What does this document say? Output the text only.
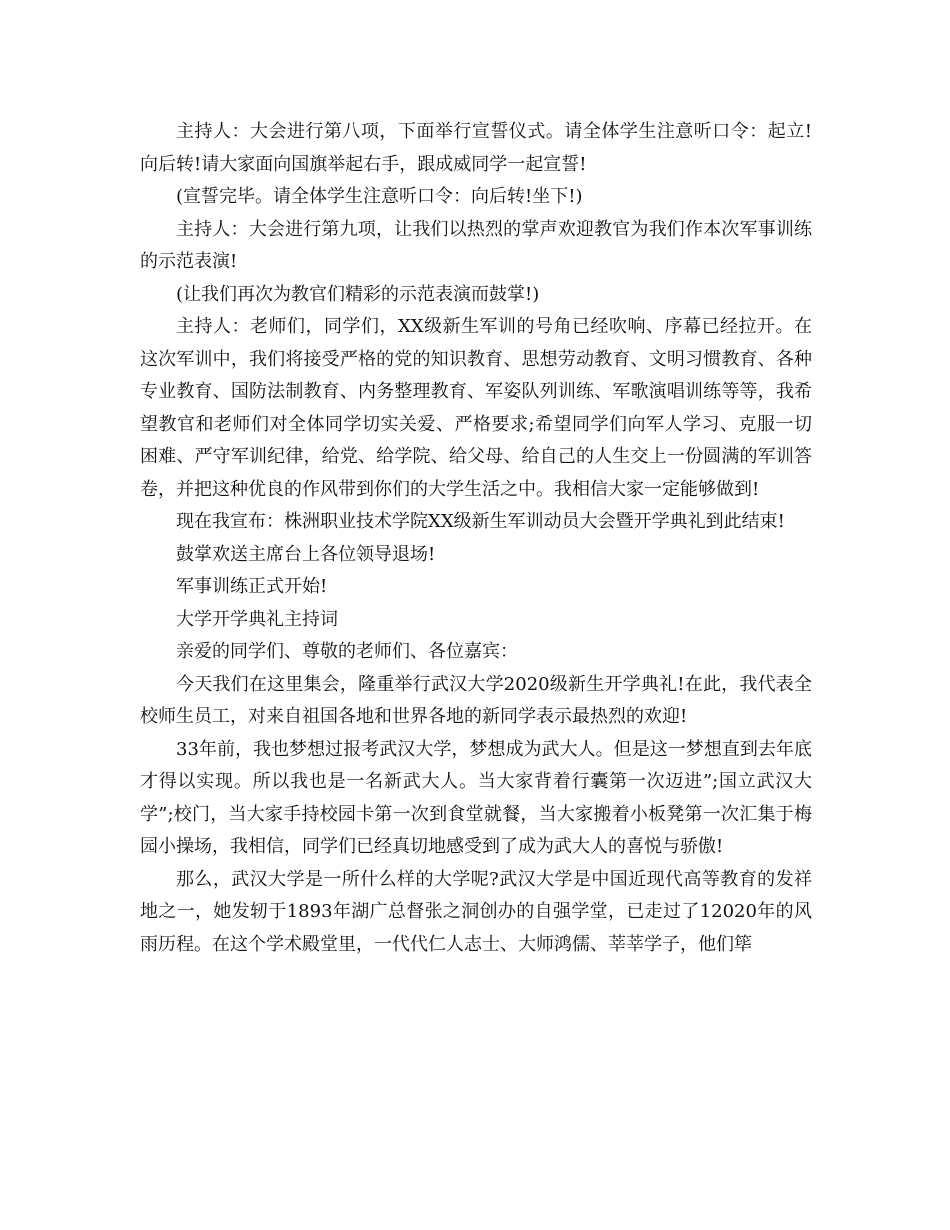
主持人：大会进行第八项，下面举行宣誓仪式。请全体学生注意听口令：起立!向后转!请大家面向国旗举起右手，跟成威同学一起宣誓!

(宣誓完毕。请全体学生注意听口令：向后转!坐下!)

主持人：大会进行第九项，让我们以热烈的掌声欢迎教官为我们作本次军事训练的示范表演!

(让我们再次为教官们精彩的示范表演而鼓掌!)

主持人：老师们，同学们，XX级新生军训的号角已经吹响、序幕已经拉开。在这次军训中，我们将接受严格的党的知识教育、思想劳动教育、文明习惯教育、各种专业教育、国防法制教育、内务整理教育、军姿队列训练、军歌演唱训练等等，我希望教官和老师们对全体同学切实关爱、严格要求;希望同学们向军人学习、克服一切困难、严守军训纪律，给党、给学院、给父母、给自己的人生交上一份圆满的军训答卷，并把这种优良的作风带到你们的大学生活之中。我相信大家一定能够做到!

现在我宣布：株洲职业技术学院XX级新生军训动员大会暨开学典礼到此结束!

鼓掌欢送主席台上各位领导退场!

军事训练正式开始!

大学开学典礼主持词

亲爱的同学们、尊敬的老师们、各位嘉宾：

今天我们在这里集会，隆重举行武汉大学2020级新生开学典礼!在此，我代表全校师生员工，对来自祖国各地和世界各地的新同学表示最热烈的欢迎!

33年前，我也梦想过报考武汉大学，梦想成为武大人。但是这一梦想直到去年底才得以实现。所以我也是一名新武大人。当大家背着行囊第一次迈进”;国立武汉大学”;校门，当大家手持校园卡第一次到食堂就餐，当大家搬着小板凳第一次汇集于梅园小操场，我相信，同学们已经真切地感受到了成为武大人的喜悦与骄傲!

那么，武汉大学是一所什么样的大学呢?武汉大学是中国近现代高等教育的发祥地之一，她发轫于1893年湖广总督张之洞创办的自强学堂，已走过了12020年的风雨历程。在这个学术殿堂里，一代代仁人志士、大师鸿儒、莘莘学子，他们筚
